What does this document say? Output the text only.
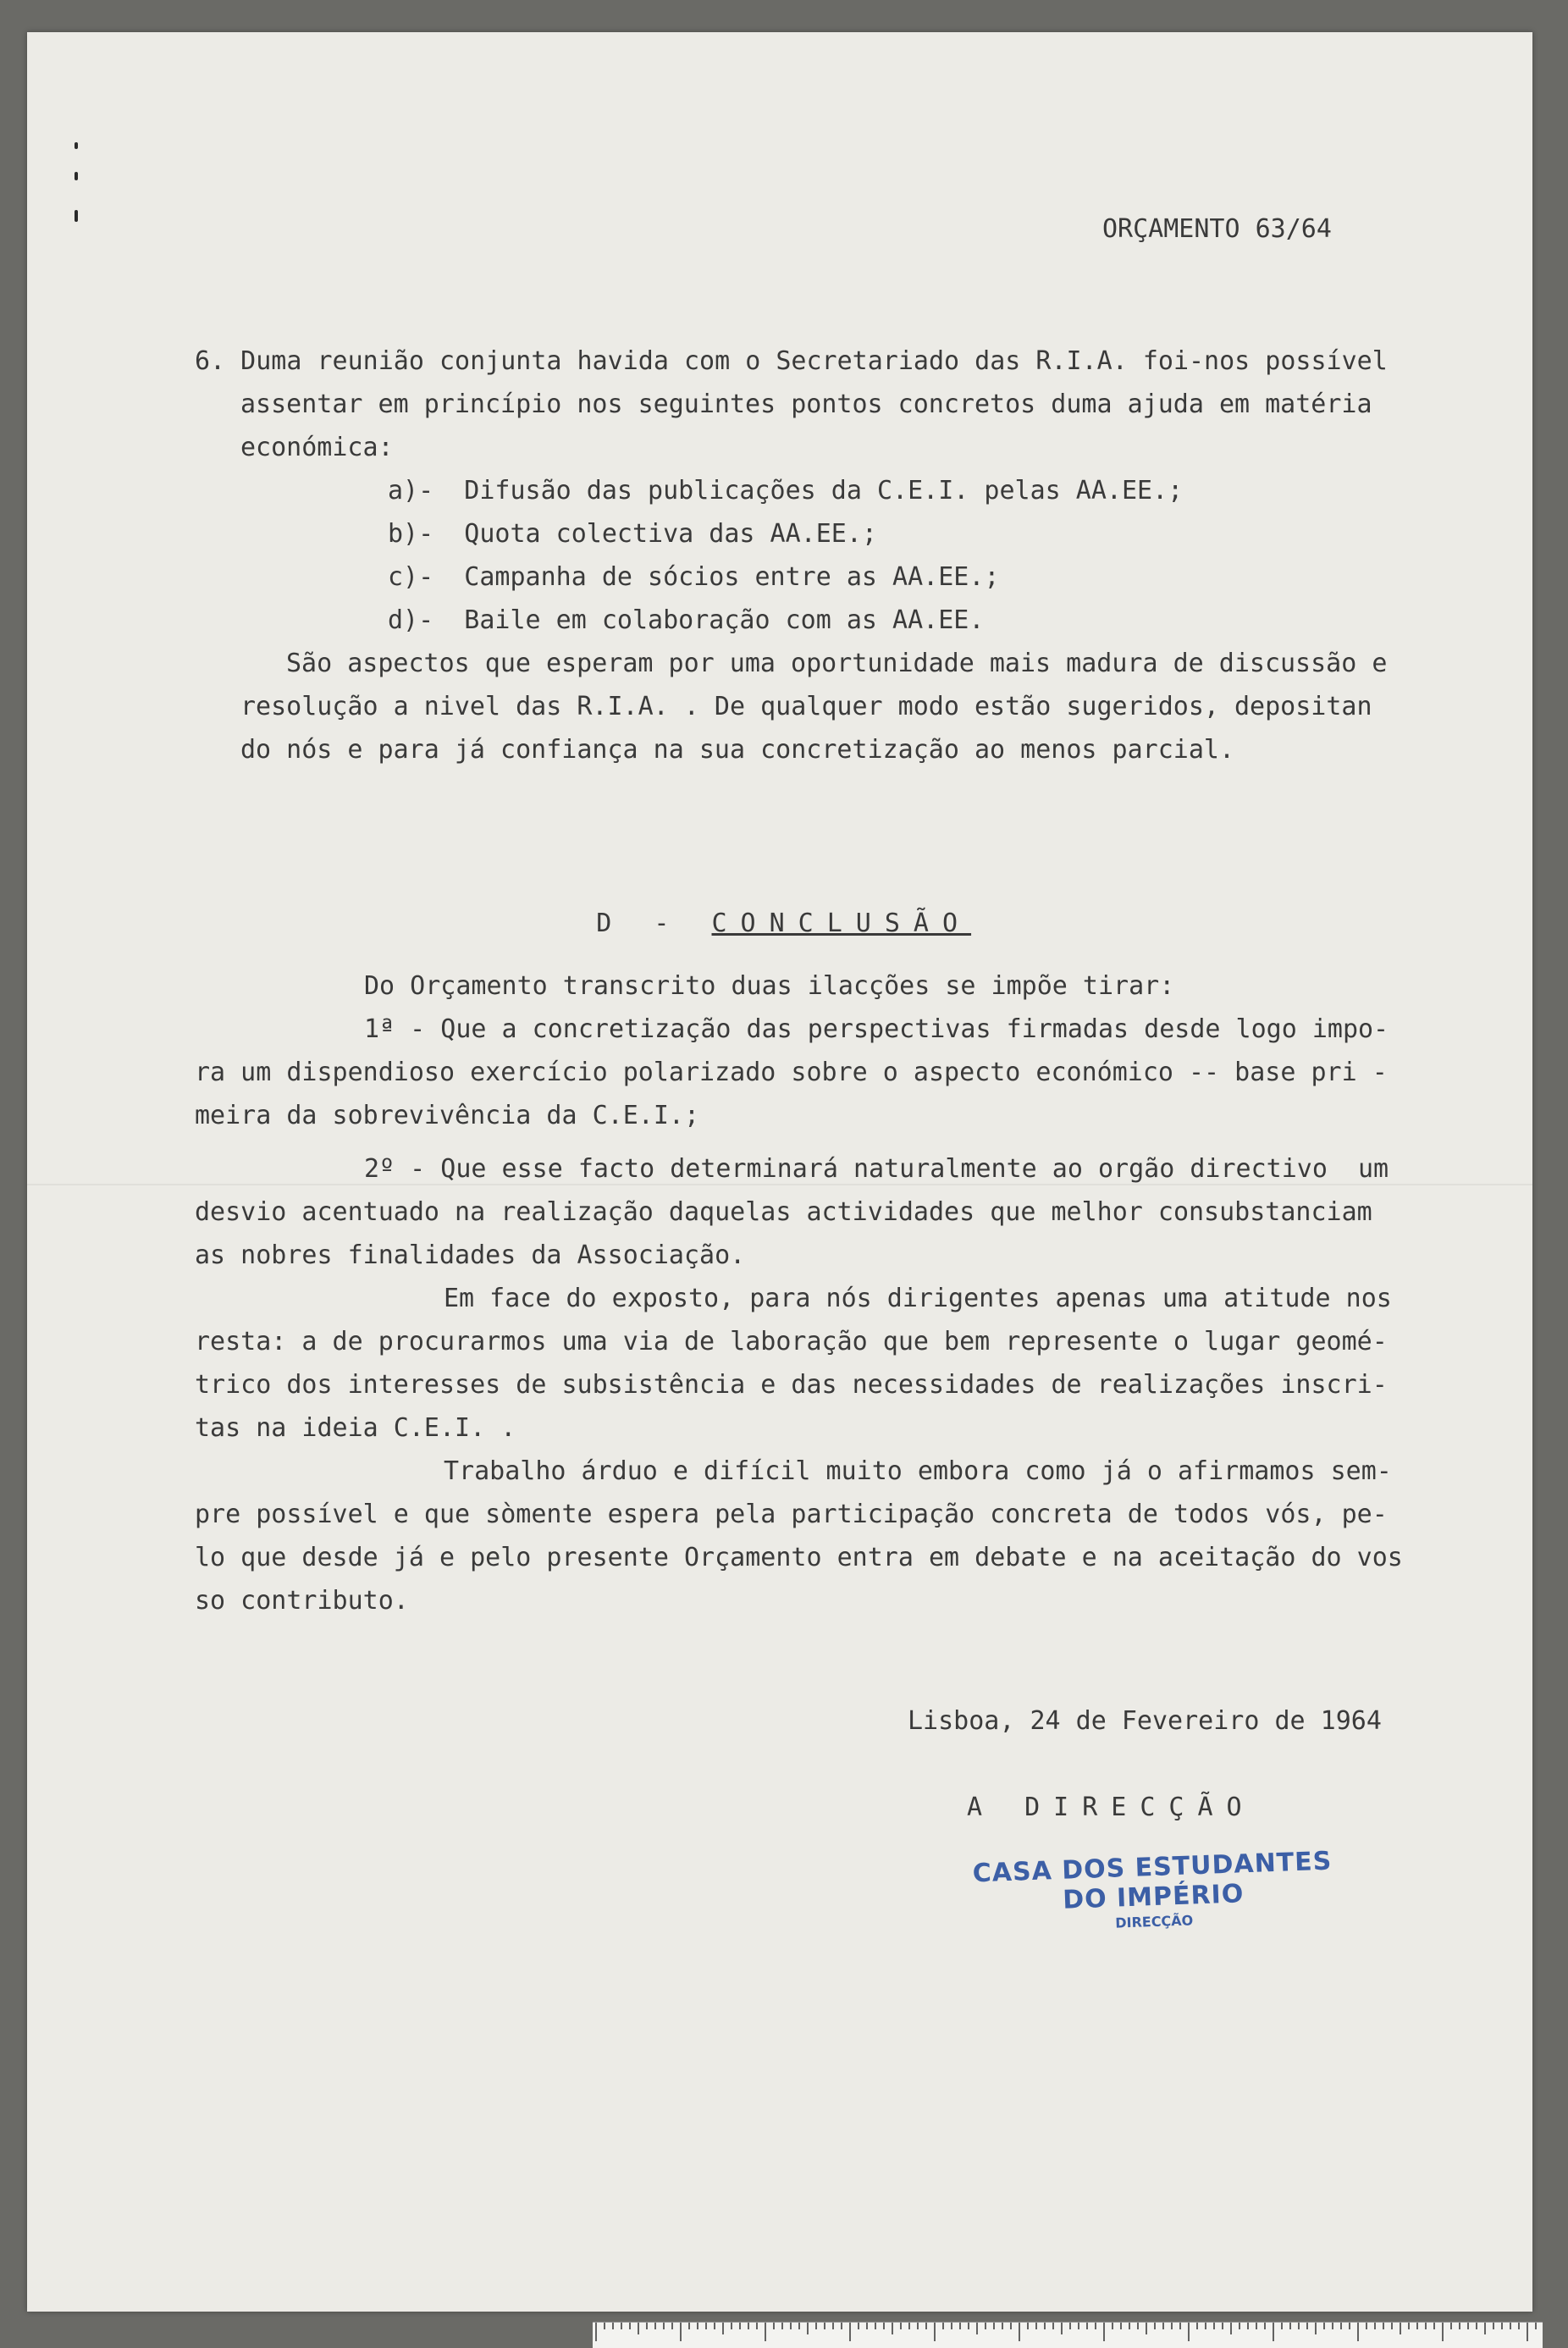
ORÇAMENTO 63/64
6. Duma reunião conjunta havida com o Secretariado das R.I.A. foi-nos possível
assentar em princípio nos seguintes pontos concretos duma ajuda em matéria
económica:
a)-  Difusão das publicações da C.E.I. pelas AA.EE.;
b)-  Quota colectiva das AA.EE.;
c)-  Campanha de sócios entre as AA.EE.;
d)-  Baile em colaboração com as AA.EE.
São aspectos que esperam por uma oportunidade mais madura de discussão e
resolução a nivel das R.I.A. . De qualquer modo estão sugeridos, depositan
do nós e para já confiança na sua concretização ao menos parcial.

D - CONCLUSÃO

Do Orçamento transcrito duas ilacções se impõe tirar:
1ª - Que a concretização das perspectivas firmadas desde logo impo-
ra um dispendioso exercício polarizado sobre o aspecto económico -- base pri -
meira da sobrevivência da C.E.I.;
2º - Que esse facto determinará naturalmente ao orgão directivo  um
desvio acentuado na realização daquelas actividades que melhor consubstanciam
as nobres finalidades da Associação.
Em face do exposto, para nós dirigentes apenas uma atitude nos
resta: a de procurarmos uma via de laboração que bem represente o lugar geomé-
trico dos interesses de subsistência e das necessidades de realizações inscri-
tas na ideia C.E.I. .
Trabalho árduo e difícil muito embora como já o afirmamos sem-
pre possível e que sòmente espera pela participação concreta de todos vós, pe-
lo que desde já e pelo presente Orçamento entra em debate e na aceitação do vos
so contributo.
Lisboa, 24 de Fevereiro de 1964
A DIRECÇÃO
CASA DOS ESTUDANTES DO IMPÉRIO
DIRECÇÃO
